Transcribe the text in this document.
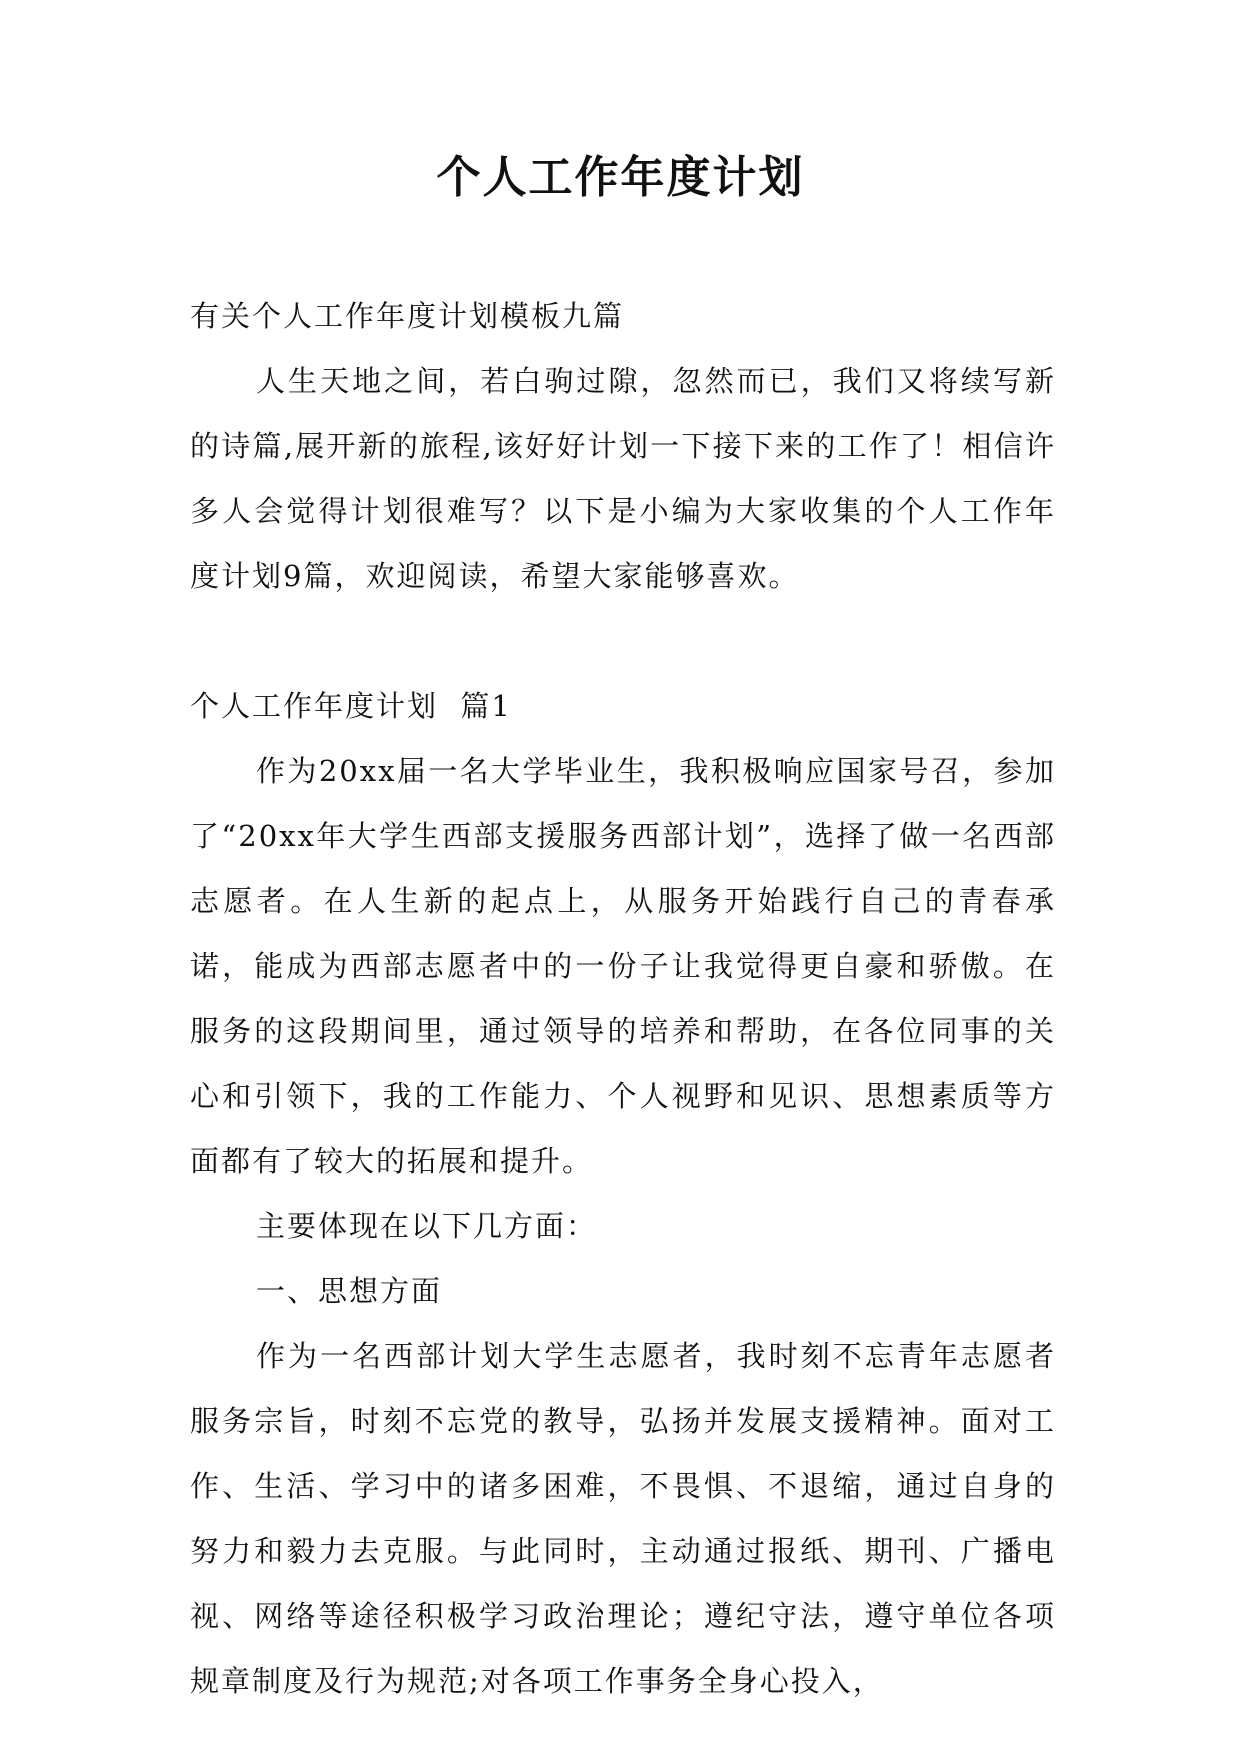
个人工作年度计划

有关个人工作年度计划模板九篇

人生天地之间，若白驹过隙，忽然而已，我们又将续写新的诗篇,展开新的旅程,该好好计划一下接下来的工作了！相信许多人会觉得计划很难写？以下是小编为大家收集的个人工作年度计划9篇，欢迎阅读，希望大家能够喜欢。

个人工作年度计划  篇1

作为20xx届一名大学毕业生，我积极响应国家号召，参加了“20xx年大学生西部支援服务西部计划”，选择了做一名西部志愿者。在人生新的起点上，从服务开始践行自己的青春承诺，能成为西部志愿者中的一份子让我觉得更自豪和骄傲。在服务的这段期间里，通过领导的培养和帮助，在各位同事的关心和引领下，我的工作能力、个人视野和见识、思想素质等方面都有了较大的拓展和提升。

主要体现在以下几方面：

一、思想方面

作为一名西部计划大学生志愿者，我时刻不忘青年志愿者服务宗旨，时刻不忘党的教导，弘扬并发展支援精神。面对工作、生活、学习中的诸多困难，不畏惧、不退缩，通过自身的努力和毅力去克服。与此同时，主动通过报纸、期刊、广播电视、网络等途径积极学习政治理论；遵纪守法，遵守单位各项规章制度及行为规范;对各项工作事务全身心投入，
